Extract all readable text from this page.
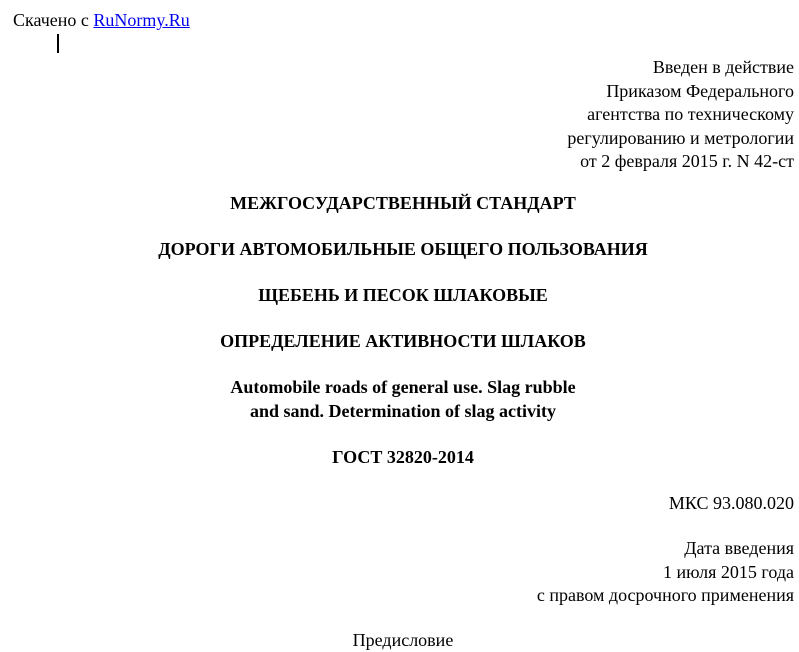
Скачено с RuNormy.Ru
Введен в действие
Приказом Федерального
агентства по техническому
регулированию и метрологии
от 2 февраля 2015 г. N 42-ст
МЕЖГОСУДАРСТВЕННЫЙ СТАНДАРТ
ДОРОГИ АВТОМОБИЛЬНЫЕ ОБЩЕГО ПОЛЬЗОВАНИЯ
ЩЕБЕНЬ И ПЕСОК ШЛАКОВЫЕ
ОПРЕДЕЛЕНИЕ АКТИВНОСТИ ШЛАКОВ
Automobile roads of general use. Slag rubble
and sand. Determination of slag activity
ГОСТ 32820-2014
МКС 93.080.020
Дата введения
1 июля 2015 года
с правом досрочного применения
Предисловие
